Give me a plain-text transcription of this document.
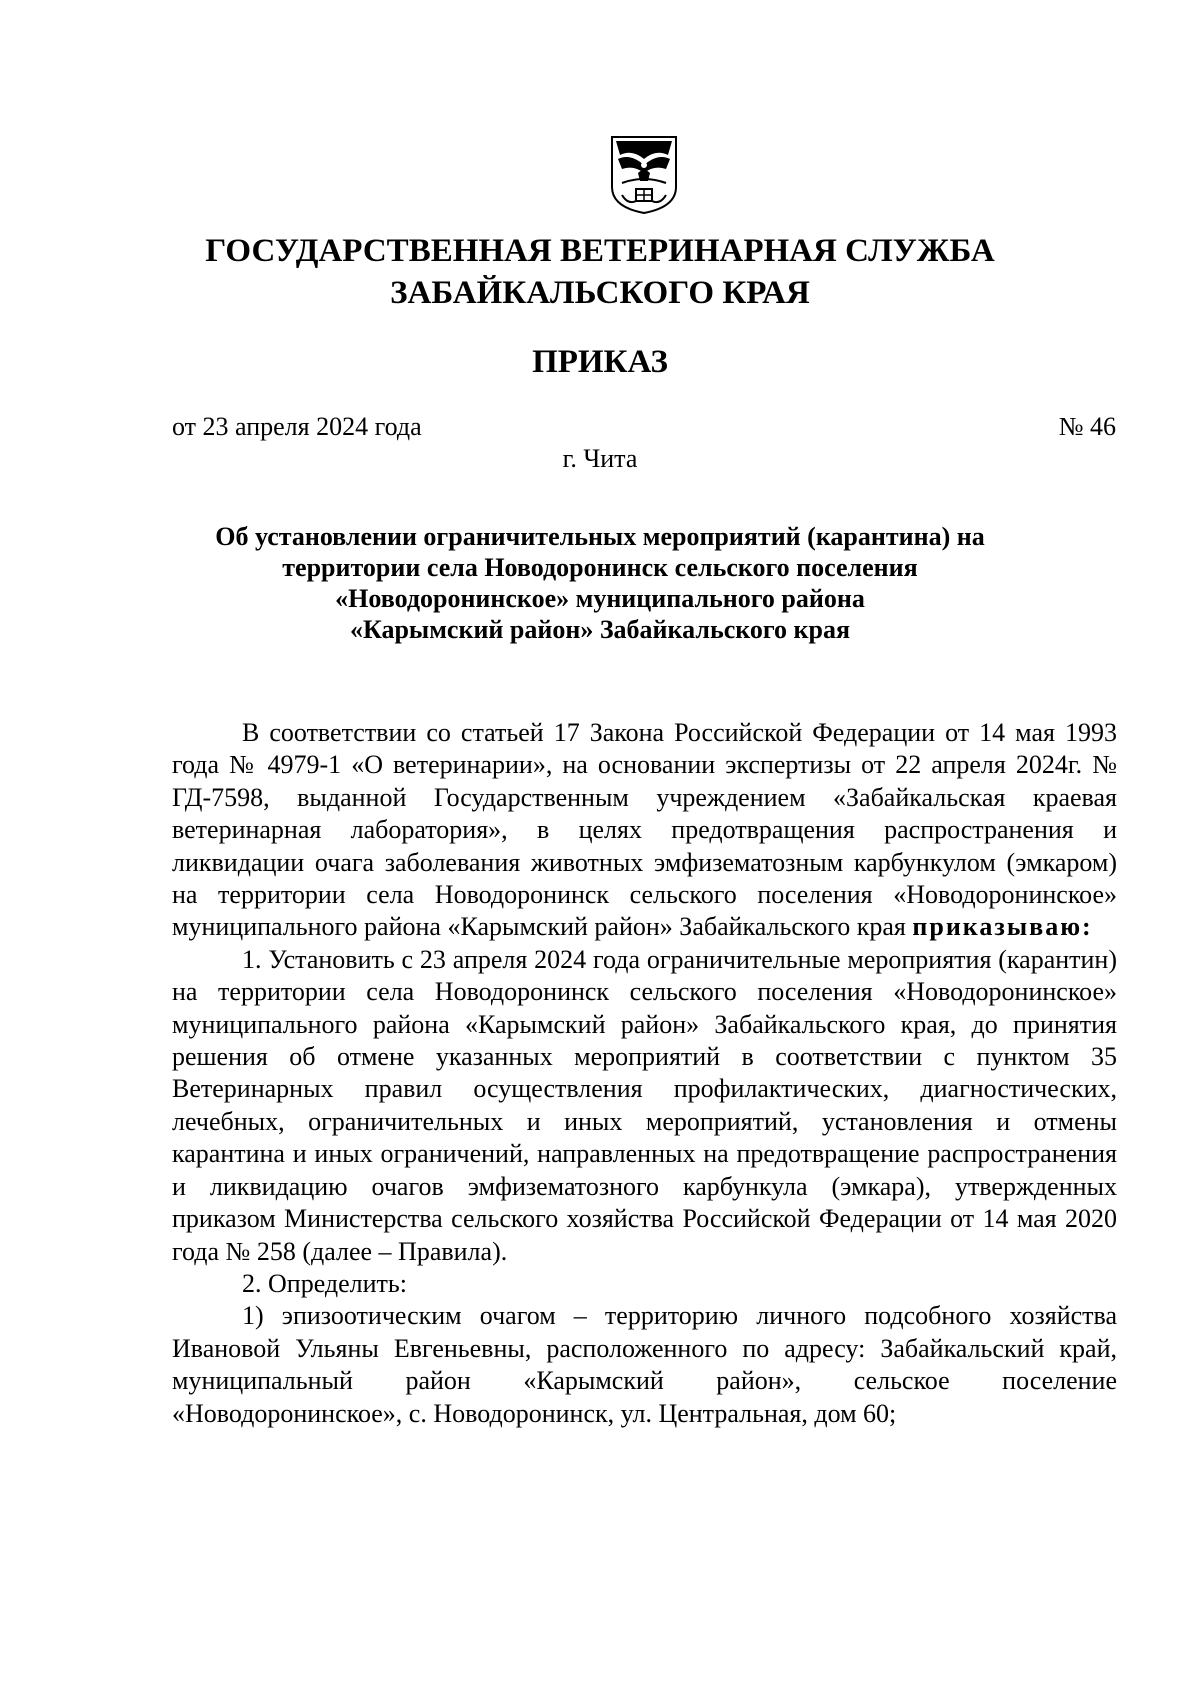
ГОСУДАРСТВЕННАЯ ВЕТЕРИНАРНАЯ СЛУЖБА
ЗАБАЙКАЛЬСКОГО КРАЯ
ПРИКАЗ
от 23 апреля 2024 года	№ 46
г. Чита
Об установлении ограничительных мероприятий (карантина) на
территории села Новодоронинск сельского поселения
«Новодоронинское» муниципального района
«Карымский район» Забайкальского края

В соответствии со статьей 17 Закона Российской Федерации от 14 мая 1993 года № 4979-1 «О ветеринарии», на основании экспертизы от 22 апреля 2024г. № ГД-7598, выданной Государственным учреждением «Забайкальская краевая ветеринарная лаборатория», в целях предотвращения распространения и ликвидации очага заболевания животных эмфизематозным карбункулом (эмкаром) на территории села Новодоронинск сельского поселения «Новодоронинское» муниципального района «Карымский район» Забайкальского края приказываю:

1. Установить с 23 апреля 2024 года ограничительные мероприятия (карантин) на территории села Новодоронинск сельского поселения «Новодоронинское» муниципального района «Карымский район» Забайкальского края, до принятия решения об отмене указанных мероприятий в соответствии с пунктом 35 Ветеринарных правил осуществления профилактических, диагностических, лечебных, ограничительных и иных мероприятий, установления и отмены карантина и иных ограничений, направленных на предотвращение распространения и ликвидацию очагов эмфизематозного карбункула (эмкара), утвержденных приказом Министерства сельского хозяйства Российской Федерации от 14 мая 2020 года № 258 (далее – Правила).

2. Определить:

1) эпизоотическим очагом – территорию личного подсобного хозяйства Ивановой Ульяны Евгеньевны, расположенного по адресу: Забайкальский край, муниципальный район «Карымский район», сельское поселение «Новодоронинское», с. Новодоронинск, ул. Центральная, дом 60;
